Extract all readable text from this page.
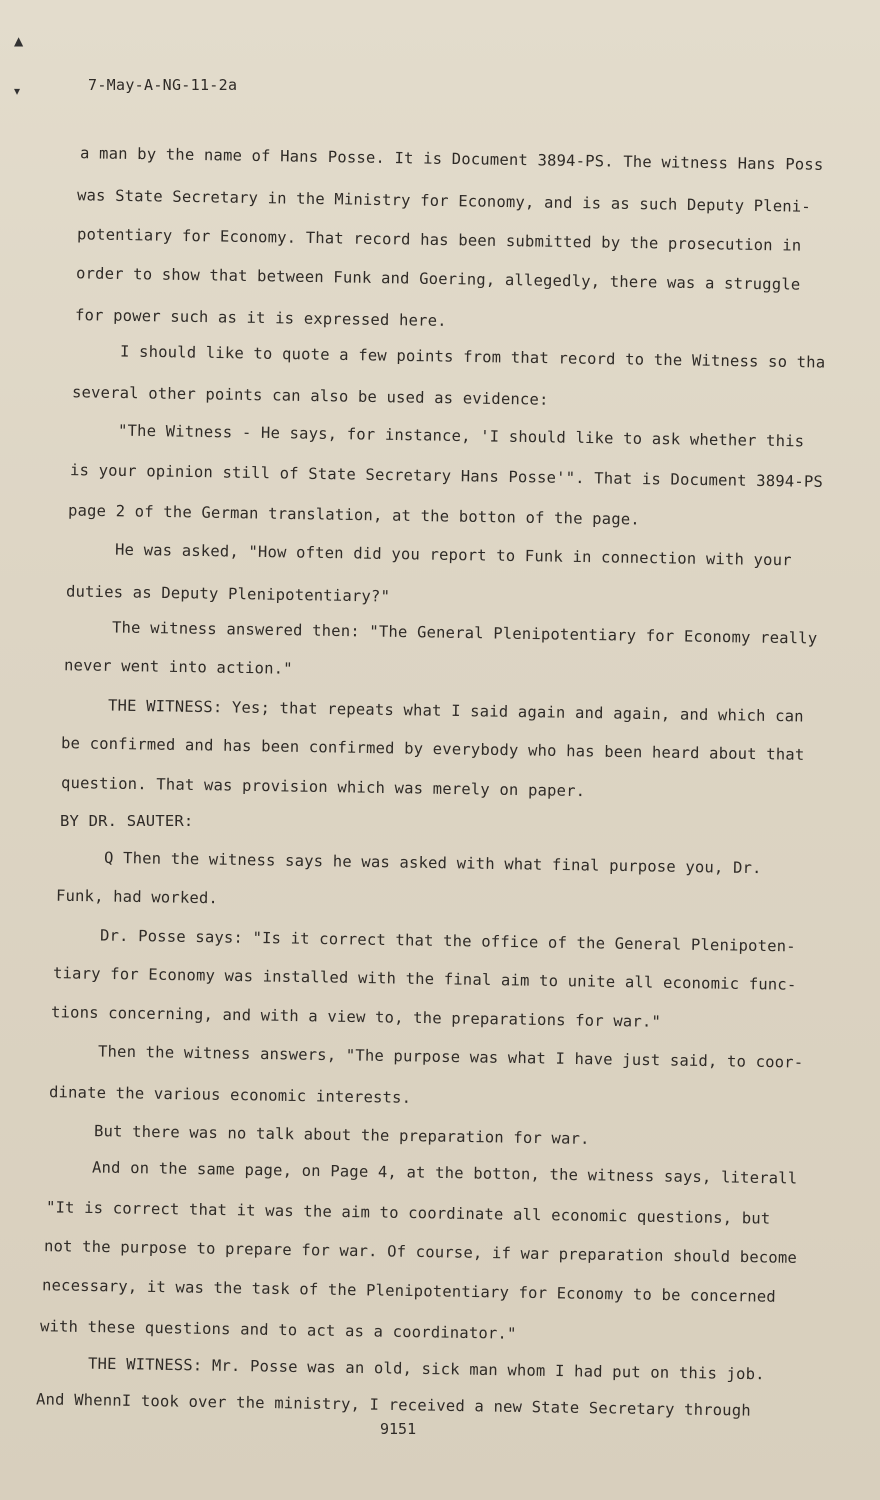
▲
▾	7-May-A-NG-11-2a
a man by the name of Hans Posse. It is Document 3894-PS. The witness Hans Poss
was State Secretary in the Ministry for Economy, and is as such Deputy Pleni-
potentiary for Economy. That record has been submitted by the prosecution in
order to show that between Funk and Goering, allegedly, there was a struggle
for power such as it is expressed here.
I should like to quote a few points from that record to the Witness so tha
several other points can also be used as evidence:
"The Witness - He says, for instance, 'I should like to ask whether this
is your opinion still of State Secretary Hans Posse'". That is Document 3894-PS
page 2 of the German translation, at the botton of the page.
He was asked, "How often did you report to Funk in connection with your
duties as Deputy Plenipotentiary?"
The witness answered then: "The General Plenipotentiary for Economy really
never went into action."
THE WITNESS: Yes; that repeats what I said again and again, and which can
be confirmed and has been confirmed by everybody who has been heard about that
question. That was provision which was merely on paper.
BY DR. SAUTER:
Q Then the witness says he was asked with what final purpose you, Dr.
Funk, had worked.
Dr. Posse says: "Is it correct that the office of the General Plenipoten-
tiary for Economy was installed with the final aim to unite all economic func-
tions concerning, and with a view to, the preparations for war."
Then the witness answers, "The purpose was what I have just said, to coor-
dinate the various economic interests.
But there was no talk about the preparation for war.
And on the same page, on Page 4, at the botton, the witness says, literall
"It is correct that it was the aim to coordinate all economic questions, but
not the purpose to prepare for war. Of course, if war preparation should become
necessary, it was the task of the Plenipotentiary for Economy to be concerned
with these questions and to act as a coordinator."
THE WITNESS: Mr. Posse was an old, sick man whom I had put on this job.
And WhennI took over the ministry, I received a new State Secretary through
9151
